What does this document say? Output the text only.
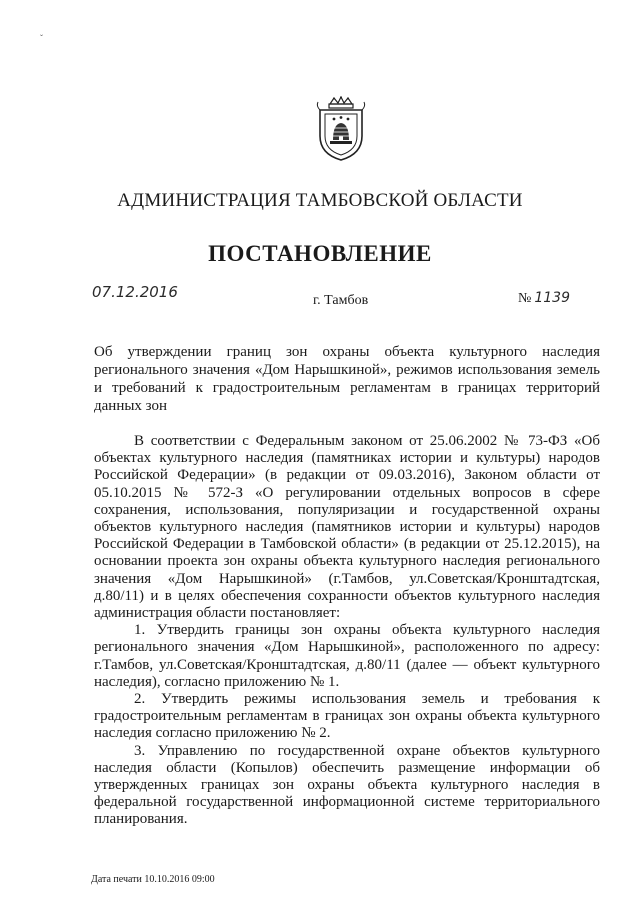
ˇ
АДМИНИСТРАЦИЯ ТАМБОВСКОЙ ОБЛАСТИ
ПОСТАНОВЛЕНИЕ
07.12.2016	г. Тамбов	№ 1139
Об утверждении границ зон охраны объекта культурного наследия регионального значения «Дом Нарышкиной», режимов использования земель и требований к градостроительным регламентам в границах территорий данных зон

В соответствии с Федеральным законом от 25.06.2002 № 73-ФЗ «Об объектах культурного наследия (памятниках истории и культуры) народов Российской Федерации» (в редакции от 09.03.2016), Законом области от 05.10.2015 № 572-З «О регулировании отдельных вопросов в сфере сохранения, использования, популяризации и государственной охраны объектов культурного наследия (памятников истории и культуры) народов Российской Федерации в Тамбовской области» (в редакции от 25.12.2015), на основании проекта зон охраны объекта культурного наследия регионального значения «Дом Нарышкиной» (г.Тамбов, ул.Советская/Кронштадтская, д.80/11) и в целях обеспечения сохранности объектов культурного наследия администрация области постановляет:

1. Утвердить границы зон охраны объекта культурного наследия регионального значения «Дом Нарышкиной», расположенного по адресу: г.Тамбов, ул.Советская/Кронштадтская, д.80/11 (далее — объект культурного наследия), согласно приложению № 1.

2. Утвердить режимы использования земель и требования к градостроительным регламентам в границах зон охраны объекта культурного наследия согласно приложению № 2.

3. Управлению по государственной охране объектов культурного наследия области (Копылов) обеспечить размещение информации об утвержденных границах зон охраны объекта культурного наследия в федеральной государственной информационной системе территориального планирования.

Дата печати 10.10.2016 09:00
